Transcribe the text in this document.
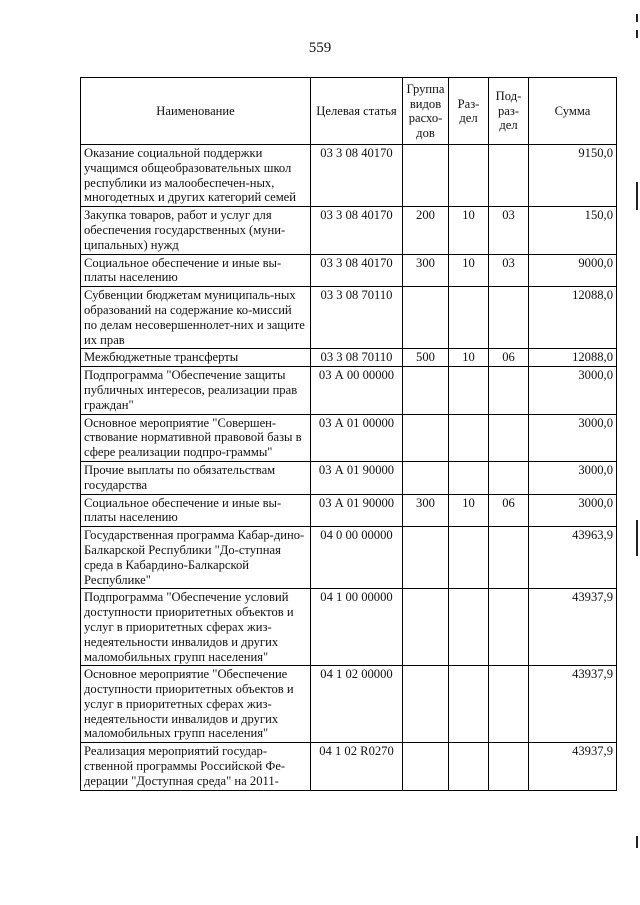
559
Наименование	Целевая статья	Группа видов расхо-дов	Раз-дел	Под-раз-дел	Сумма
Оказание социальной поддержки учащимся общеобразовательных школ республики из малообеспечен-ных, многодетных и других категорий семей	03 3 08 40170				9150,0
Закупка товаров, работ и услуг для обеспечения государственных (муни-ципальных) нужд	03 3 08 40170	200	10	03	150,0
Социальное обеспечение и иные вы-платы населению	03 3 08 40170	300	10	03	9000,0
Субвенции бюджетам муниципаль-ных образований на содержание ко-миссий по делам несовершеннолет-них и защите их прав	03 3 08 70110				12088,0
Межбюджетные трансферты	03 3 08 70110	500	10	06	12088,0
Подпрограмма "Обеспечение защиты публичных интересов, реализации прав граждан"	03 А 00 00000				3000,0
Основное мероприятие "Совершен-ствование нормативной правовой базы в сфере реализации подпро-граммы"	03 А 01 00000				3000,0
Прочие выплаты по обязательствам государства	03 А 01 90000				3000,0
Социальное обеспечение и иные вы-платы населению	03 А 01 90000	300	10	06	3000,0
Государственная программа Кабар-дино-Балкарской Республики "До-ступная среда в Кабардино-Балкарской Республике"	04 0 00 00000				43963,9
Подпрограмма "Обеспечение условий доступности приоритетных объектов и услуг в приоритетных сферах жиз-недеятельности инвалидов и других маломобильных групп населения"	04 1 00 00000				43937,9
Основное мероприятие "Обеспечение доступности приоритетных объектов и услуг в приоритетных сферах жиз-недеятельности инвалидов и других маломобильных групп населения"	04 1 02 00000				43937,9
Реализация мероприятий государ-ственной программы Российской Фе-дерации "Доступная среда" на 2011-	04 1 02 R0270				43937,9
